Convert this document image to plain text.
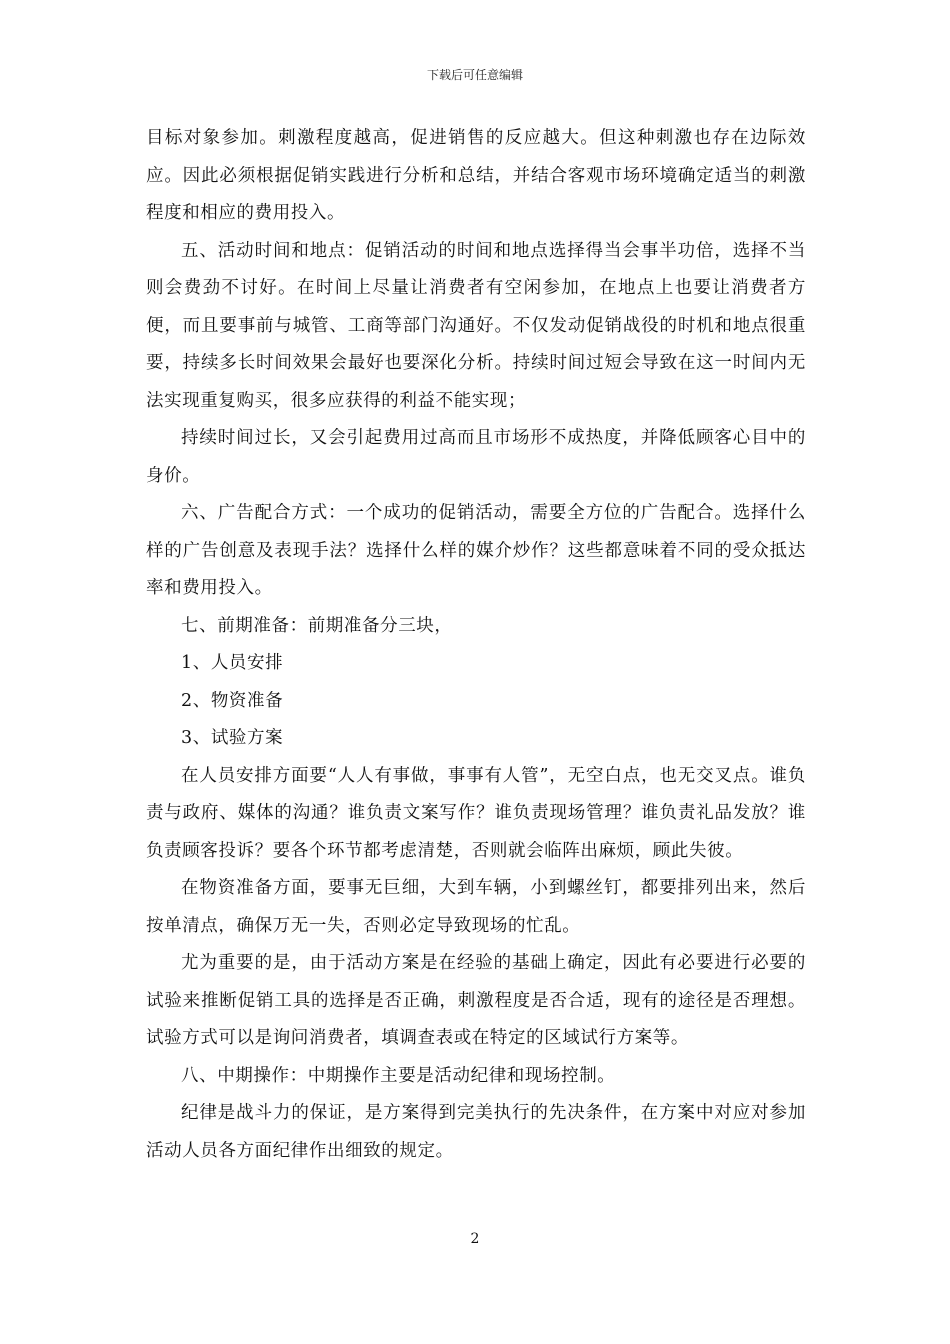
下载后可任意编辑

目标对象参加。刺激程度越高，促进销售的反应越大。但这种刺激也存在边际效应。因此必须根据促销实践进行分析和总结，并结合客观市场环境确定适当的刺激程度和相应的费用投入。

五、活动时间和地点：促销活动的时间和地点选择得当会事半功倍，选择不当则会费劲不讨好。在时间上尽量让消费者有空闲参加，在地点上也要让消费者方便，而且要事前与城管、工商等部门沟通好。不仅发动促销战役的时机和地点很重要，持续多长时间效果会最好也要深化分析。持续时间过短会导致在这一时间内无法实现重复购买，很多应获得的利益不能实现；

持续时间过长，又会引起费用过高而且市场形不成热度，并降低顾客心目中的身价。

六、广告配合方式：一个成功的促销活动，需要全方位的广告配合。选择什么样的广告创意及表现手法？选择什么样的媒介炒作？这些都意味着不同的受众抵达率和费用投入。

七、前期准备：前期准备分三块，

1、人员安排

2、物资准备

3、试验方案

在人员安排方面要“人人有事做，事事有人管”，无空白点，也无交叉点。谁负责与政府、媒体的沟通？谁负责文案写作？谁负责现场管理？谁负责礼品发放？谁负责顾客投诉？要各个环节都考虑清楚，否则就会临阵出麻烦，顾此失彼。

在物资准备方面，要事无巨细，大到车辆，小到螺丝钉，都要排列出来，然后按单清点，确保万无一失，否则必定导致现场的忙乱。

尤为重要的是，由于活动方案是在经验的基础上确定，因此有必要进行必要的试验来推断促销工具的选择是否正确，刺激程度是否合适，现有的途径是否理想。试验方式可以是询问消费者，填调查表或在特定的区域试行方案等。

八、中期操作：中期操作主要是活动纪律和现场控制。

纪律是战斗力的保证，是方案得到完美执行的先决条件，在方案中对应对参加活动人员各方面纪律作出细致的规定。

2
